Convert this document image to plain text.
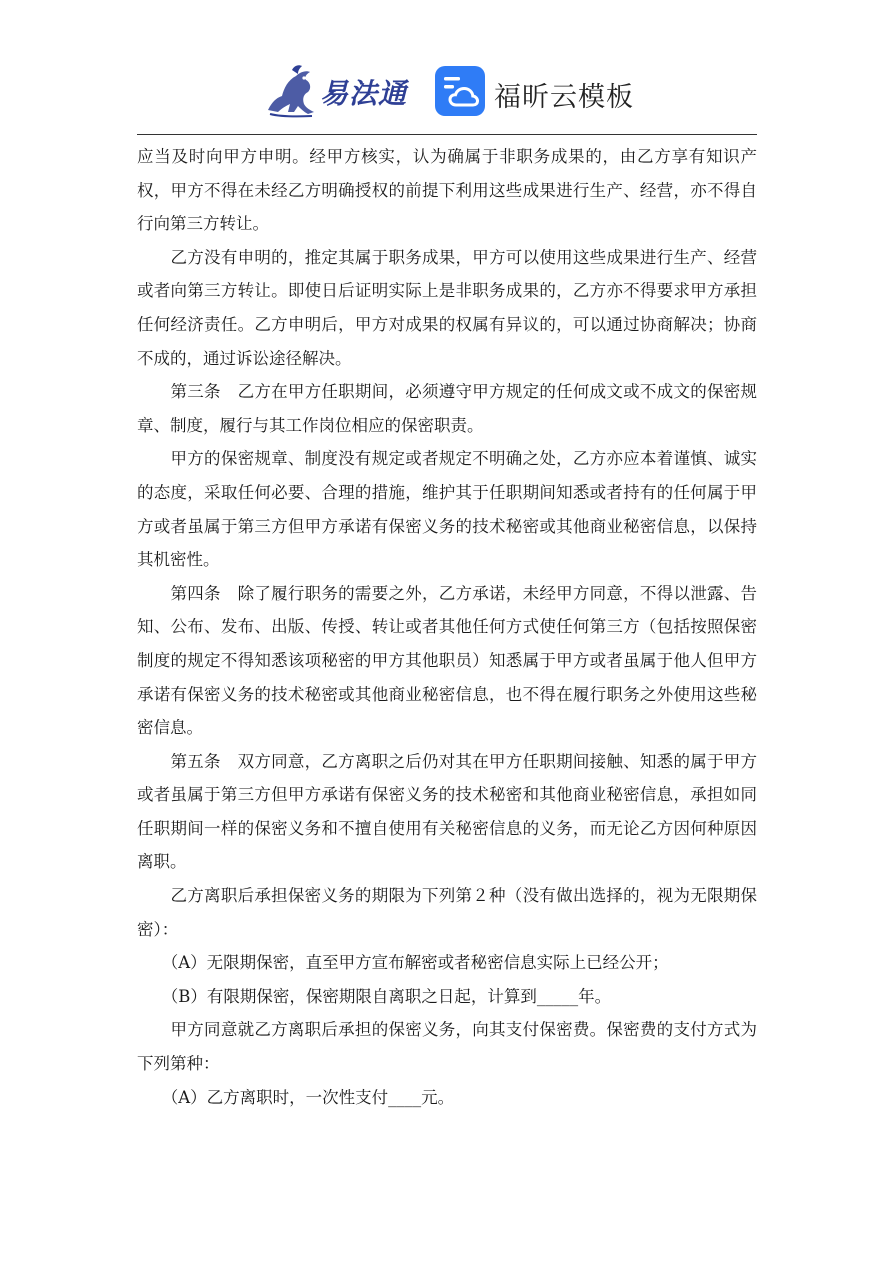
易法通	福昕云模板

应当及时向甲方申明。经甲方核实，认为确属于非职务成果的，由乙方享有知识产权，甲方不得在未经乙方明确授权的前提下利用这些成果进行生产、经营，亦不得自行向第三方转让。

　　乙方没有申明的，推定其属于职务成果，甲方可以使用这些成果进行生产、经营或者向第三方转让。即使日后证明实际上是非职务成果的，乙方亦不得要求甲方承担任何经济责任。乙方申明后，甲方对成果的权属有异议的，可以通过协商解决；协商不成的，通过诉讼途径解决。

　　第三条　乙方在甲方任职期间，必须遵守甲方规定的任何成文或不成文的保密规章、制度，履行与其工作岗位相应的保密职责。

　　甲方的保密规章、制度没有规定或者规定不明确之处，乙方亦应本着谨慎、诚实的态度，采取任何必要、合理的措施，维护其于任职期间知悉或者持有的任何属于甲方或者虽属于第三方但甲方承诺有保密义务的技术秘密或其他商业秘密信息，以保持其机密性。

　　第四条　除了履行职务的需要之外，乙方承诺，未经甲方同意，不得以泄露、告知、公布、发布、出版、传授、转让或者其他任何方式使任何第三方（包括按照保密制度的规定不得知悉该项秘密的甲方其他职员）知悉属于甲方或者虽属于他人但甲方承诺有保密义务的技术秘密或其他商业秘密信息，也不得在履行职务之外使用这些秘密信息。

　　第五条　双方同意，乙方离职之后仍对其在甲方任职期间接触、知悉的属于甲方或者虽属于第三方但甲方承诺有保密义务的技术秘密和其他商业秘密信息，承担如同任职期间一样的保密义务和不擅自使用有关秘密信息的义务，而无论乙方因何种原因离职。

　　乙方离职后承担保密义务的期限为下列第２种（没有做出选择的，视为无限期保密）：

　　（A）无限期保密，直至甲方宣布解密或者秘密信息实际上已经公开；

　　（B）有限期保密，保密期限自离职之日起，计算到_____年。

　　甲方同意就乙方离职后承担的保密义务，向其支付保密费。保密费的支付方式为下列第种：

　　（A）乙方离职时，一次性支付____元。
